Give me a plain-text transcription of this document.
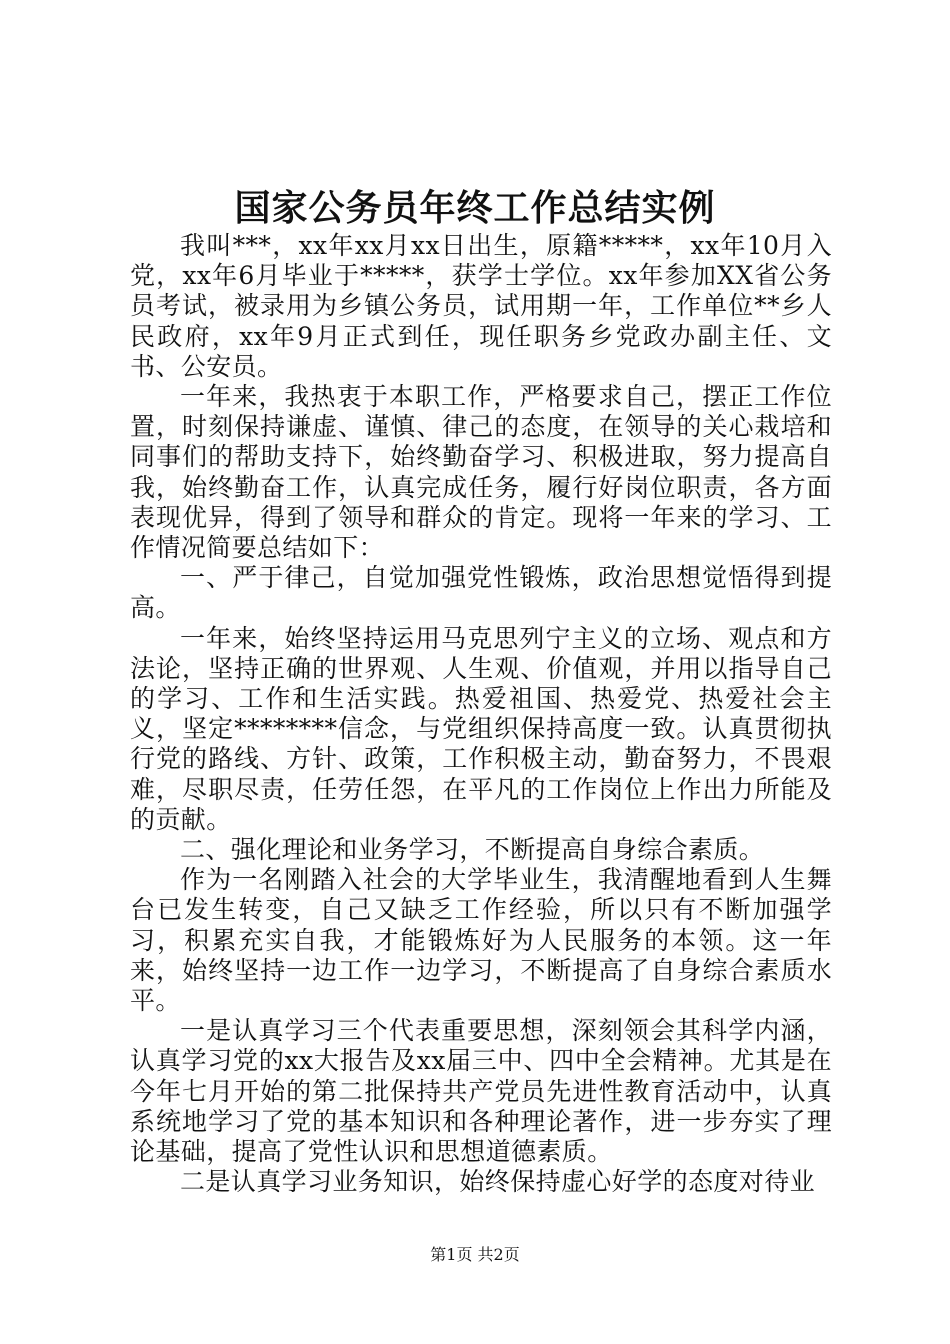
国家公务员年终工作总结实例

我叫***，xx年xx月xx日出生，原籍*****，xx年10月入党，xx年6月毕业于*****，获学士学位。xx年参加XX省公务员考试，被录用为乡镇公务员，试用期一年，工作单位**乡人民政府，xx年9月正式到任，现任职务乡党政办副主任、文书、公安员。

一年来，我热衷于本职工作，严格要求自己，摆正工作位置，时刻保持谦虚、谨慎、律己的态度，在领导的关心栽培和同事们的帮助支持下，始终勤奋学习、积极进取，努力提高自我，始终勤奋工作，认真完成任务，履行好岗位职责，各方面表现优异，得到了领导和群众的肯定。现将一年来的学习、工作情况简要总结如下：

一、严于律己，自觉加强党性锻炼，政治思想觉悟得到提高。

一年来，始终坚持运用马克思列宁主义的立场、观点和方法论，坚持正确的世界观、人生观、价值观，并用以指导自己的学习、工作和生活实践。热爱祖国、热爱党、热爱社会主义，坚定********信念，与党组织保持高度一致。认真贯彻执行党的路线、方针、政策，工作积极主动，勤奋努力，不畏艰难，尽职尽责，任劳任怨，在平凡的工作岗位上作出力所能及的贡献。

二、强化理论和业务学习，不断提高自身综合素质。

作为一名刚踏入社会的大学毕业生，我清醒地看到人生舞台已发生转变，自己又缺乏工作经验，所以只有不断加强学习，积累充实自我，才能锻炼好为人民服务的本领。这一年来，始终坚持一边工作一边学习，不断提高了自身综合素质水平。

一是认真学习三个代表重要思想，深刻领会其科学内涵，认真学习党的xx大报告及xx届三中、四中全会精神。尤其是在今年七月开始的第二批保持共产党员先进性教育活动中，认真系统地学习了党的基本知识和各种理论著作，进一步夯实了理论基础，提高了党性认识和思想道德素质。

二是认真学习业务知识，始终保持虚心好学的态度对待业

第1页 共2页
